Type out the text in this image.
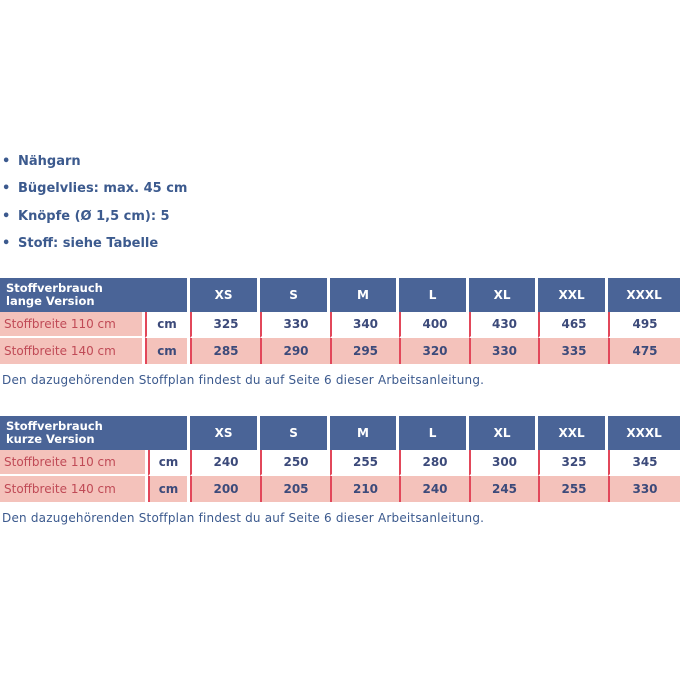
• Nähgarn
• Bügelvlies: max. 45 cm
• Knöpfe (Ø 1,5 cm): 5
• Stoff: siehe Tabelle
Stoffverbrauch
lange Version		XS	S	M	L	XL	XXL	XXXL
Stoffbreite 110 cm	cm	325	330	340	400	430	465	495
Stoffbreite 140 cm	cm	285	290	295	320	330	335	475
Den dazugehörenden Stoffplan findest du auf Seite 6 dieser Arbeitsanleitung.
Stoffverbrauch
kurze Version		XS	S	M	L	XL	XXL	XXXL
Stoffbreite 110 cm	cm	240	250	255	280	300	325	345
Stoffbreite 140 cm	cm	200	205	210	240	245	255	330
Den dazugehörenden Stoffplan findest du auf Seite 6 dieser Arbeitsanleitung.
